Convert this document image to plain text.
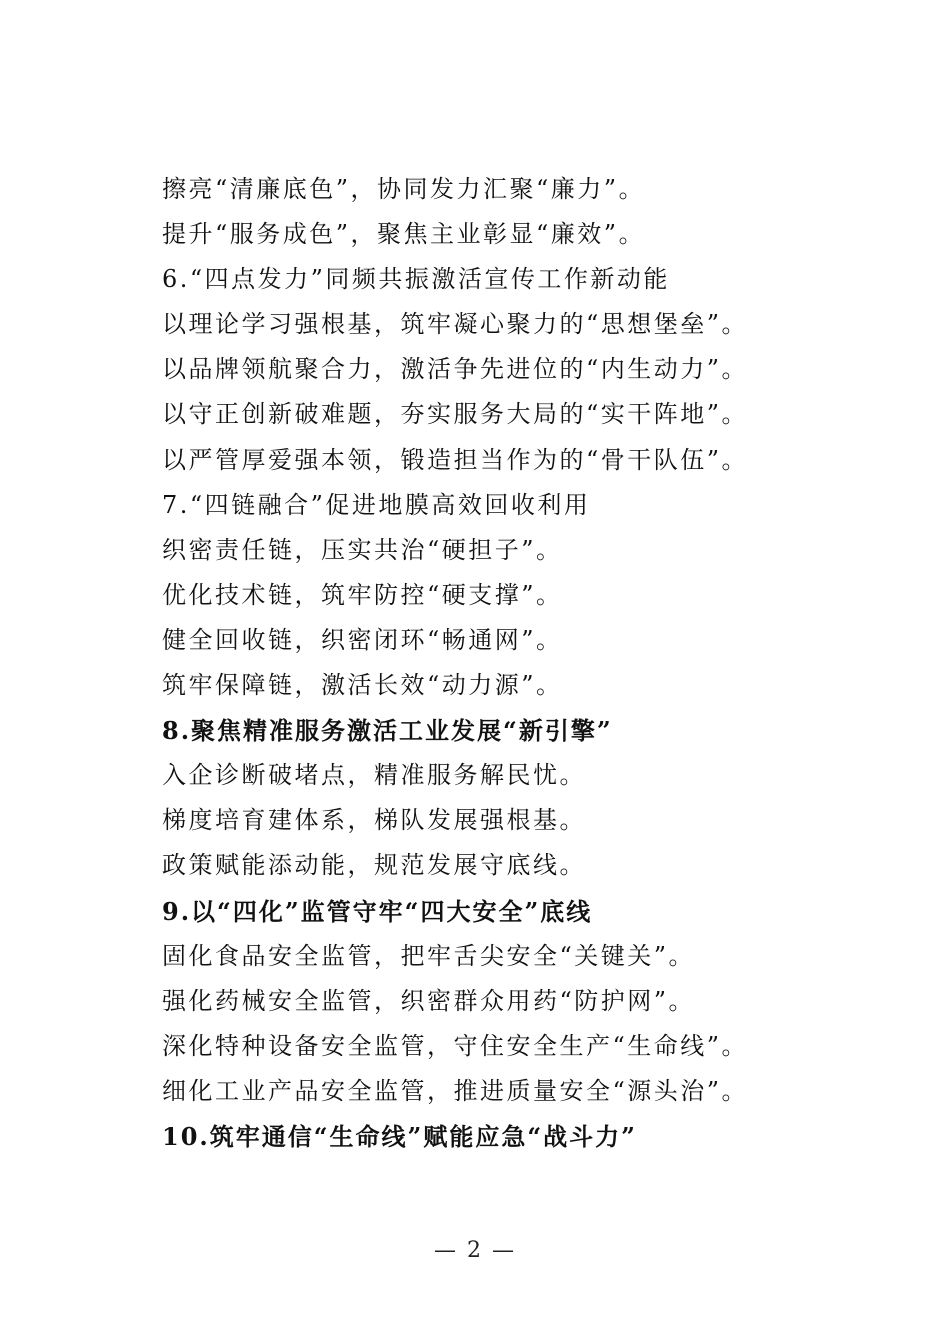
擦亮“清廉底色”，协同发力汇聚“廉力”。
提升“服务成色”，聚焦主业彰显“廉效”。
6.“四点发力”同频共振激活宣传工作新动能
以理论学习强根基，筑牢凝心聚力的“思想堡垒”。
以品牌领航聚合力，激活争先进位的“内生动力”。
以守正创新破难题，夯实服务大局的“实干阵地”。
以严管厚爱强本领，锻造担当作为的“骨干队伍”。
7.“四链融合”促进地膜高效回收利用
织密责任链，压实共治“硬担子”。
优化技术链，筑牢防控“硬支撑”。
健全回收链，织密闭环“畅通网”。
筑牢保障链，激活长效“动力源”。
8.聚焦精准服务激活工业发展“新引擎”
入企诊断破堵点，精准服务解民忧。
梯度培育建体系，梯队发展强根基。
政策赋能添动能，规范发展守底线。
9.以“四化”监管守牢“四大安全”底线
固化食品安全监管，把牢舌尖安全“关键关”。
强化药械安全监管，织密群众用药“防护网”。
深化特种设备安全监管，守住安全生产“生命线”。
细化工业产品安全监管，推进质量安全“源头治”。
10.筑牢通信“生命线”赋能应急“战斗力”
— 2 —
